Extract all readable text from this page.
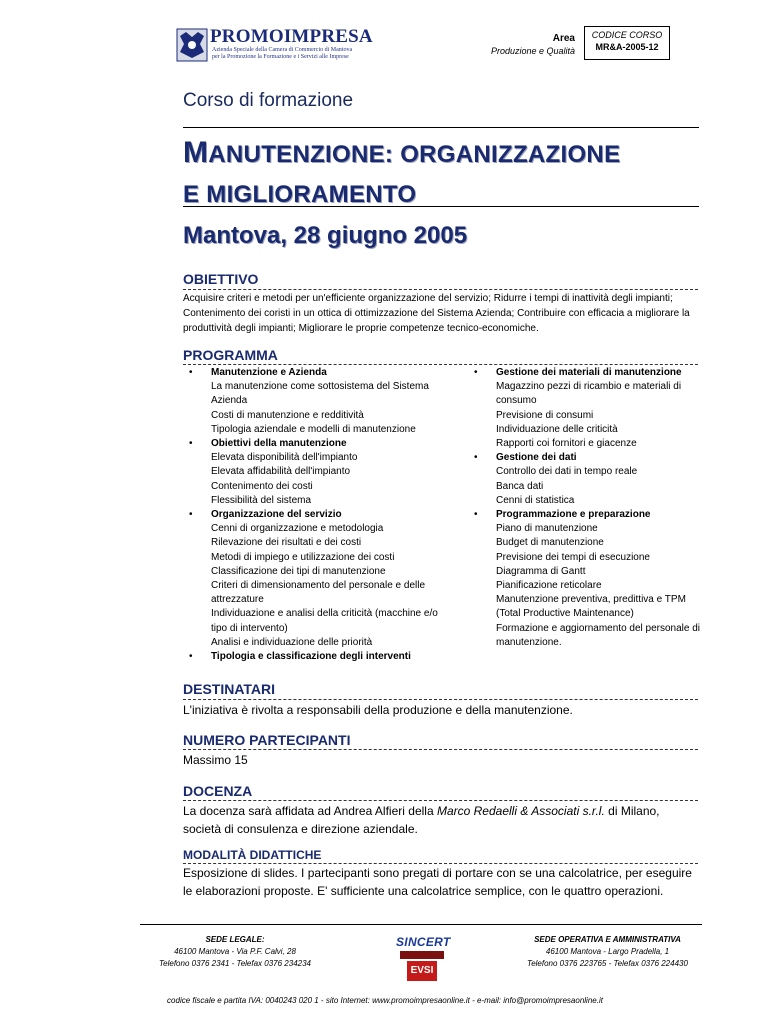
PROMOIMPRESA
Azienda Speciale della Camera di Commercio di Mantova
per la Promozione la Formazione e i Servizi alle Imprese
Area
Produzione e Qualità
CODICE CORSO
MR&A-2005-12
Corso di formazione
MANUTENZIONE: ORGANIZZAZIONE
E MIGLIORAMENTO
Mantova, 28 giugno 2005
OBIETTIVO
Acquisire criteri e metodi per un'efficiente organizzazione del servizio; Ridurre i tempi di inattività degli impianti; Contenimento dei coristi in un ottica di ottimizzazione del Sistema Azienda; Contribuire con efficacia a migliorare la produttività degli impianti; Migliorare le proprie competenze tecnico-economiche.
PROGRAMMA
• Manutenzione e Azienda
La manutenzione come sottosistema del Sistema Azienda
Costi di manutenzione e redditività
Tipologia aziendale e modelli di manutenzione
• Obiettivi della manutenzione
Elevata disponibilità dell'impianto
Elevata affidabilità dell'impianto
Contenimento dei costi
Flessibilità del sistema
• Organizzazione del servizio
Cenni di organizzazione e metodologia
Rilevazione dei risultati e dei costi
Metodi di impiego e utilizzazione dei costi
Classificazione dei tipi di manutenzione
Criteri di dimensionamento del personale e delle attrezzature
Individuazione e analisi della criticità (macchine e/o tipo di intervento)
Analisi e individuazione delle priorità
• Tipologia e classificazione degli interventi
• Gestione dei materiali di manutenzione
Magazzino pezzi di ricambio e materiali di consumo
Previsione di consumi
Individuazione delle criticità
Rapporti coi fornitori e giacenze
• Gestione dei dati
Controllo dei dati in tempo reale
Banca dati
Cenni di statistica
• Programmazione e preparazione
Piano di manutenzione
Budget di manutenzione
Previsione dei tempi di esecuzione
Diagramma di Gantt
Pianificazione reticolare
Manutenzione preventiva, predittiva e TPM (Total Productive Maintenance)
Formazione e aggiornamento del personale di manutenzione.
DESTINATARI
L'iniziativa è rivolta a responsabili della produzione e della manutenzione.
NUMERO PARTECIPANTI
Massimo 15
DOCENZA
La docenza sarà affidata ad Andrea Alfieri della Marco Redaelli & Associati s.r.l. di Milano, società di consulenza e direzione aziendale.
MODALITÀ DIDATTICHE
Esposizione di slides. I partecipanti sono pregati di portare con se una calcolatrice, per eseguire le elaborazioni proposte. E' sufficiente una calcolatrice semplice, con le quattro operazioni.
SEDE LEGALE:
46100 Mantova - Via P.F. Calvi, 28
Telefono 0376 2341 - Telefax 0376 234234
SINCERT
EVSI
SEDE OPERATIVA E AMMINISTRATIVA
46100 Mantova - Largo Pradella, 1
Telefono 0376 223765 - Telefax 0376 224430
codice fiscale e partita IVA: 0040243 020 1 - sito Internet: www.promoimpresaonline.it - e-mail: info@promoimpresaonline.it
